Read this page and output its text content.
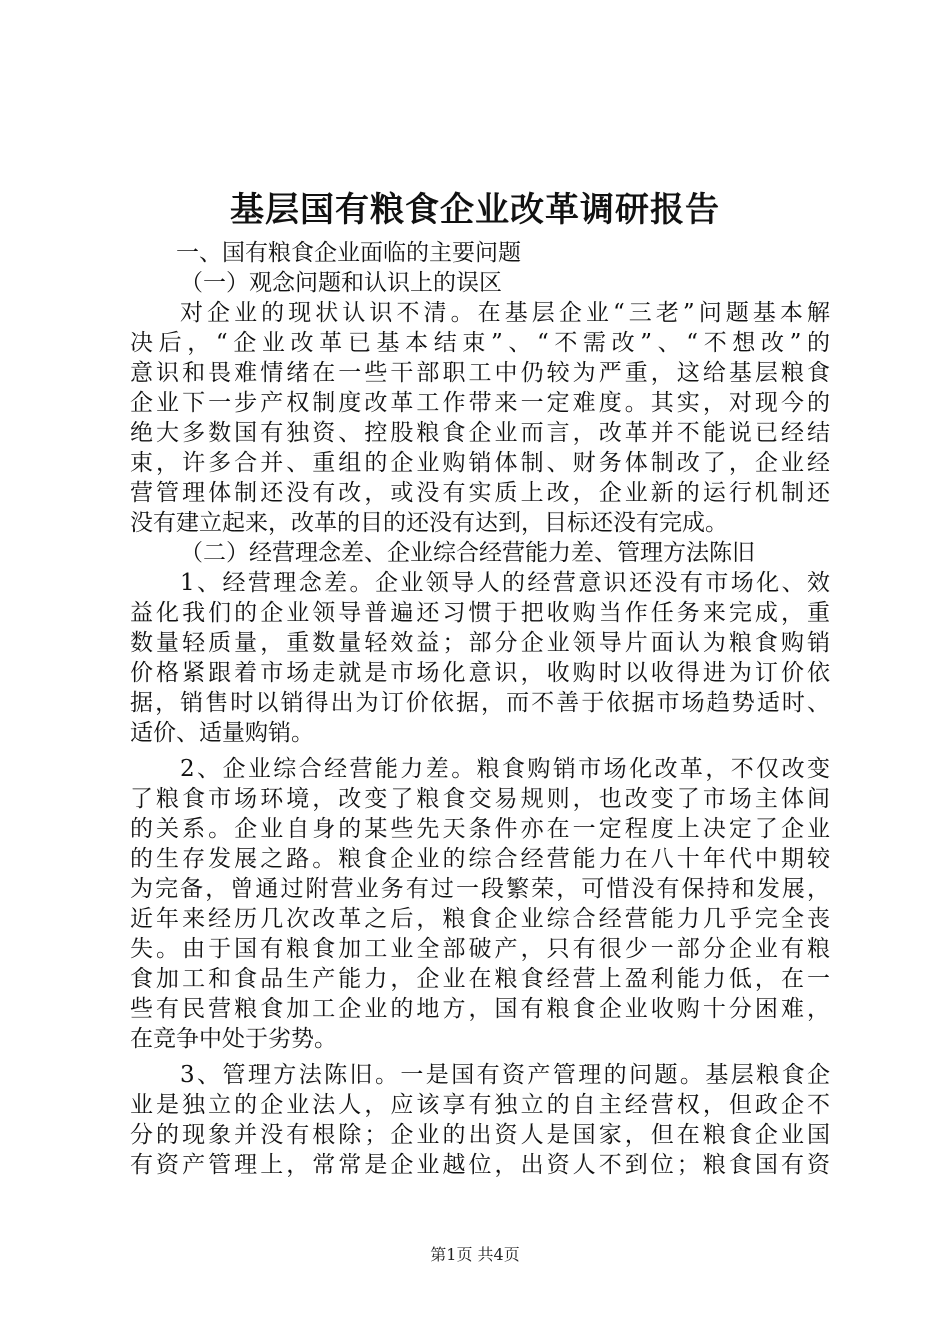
基层国有粮食企业改革调研报告
一、国有粮食企业面临的主要问题
（一）观念问题和认识上的误区
对企业的现状认识不清。在基层企业“三老”问题基本解
决后，“企业改革已基本结束”、“不需改”、“不想改”的
意识和畏难情绪在一些干部职工中仍较为严重，这给基层粮食
企业下一步产权制度改革工作带来一定难度。其实，对现今的
绝大多数国有独资、控股粮食企业而言，改革并不能说已经结
束，许多合并、重组的企业购销体制、财务体制改了，企业经
营管理体制还没有改，或没有实质上改，企业新的运行机制还
没有建立起来，改革的目的还没有达到，目标还没有完成。
（二）经营理念差、企业综合经营能力差、管理方法陈旧
1、经营理念差。企业领导人的经营意识还没有市场化、效
益化我们的企业领导普遍还习惯于把收购当作任务来完成，重
数量轻质量，重数量轻效益；部分企业领导片面认为粮食购销
价格紧跟着市场走就是市场化意识，收购时以收得进为订价依
据，销售时以销得出为订价依据，而不善于依据市场趋势适时、
适价、适量购销。
2、企业综合经营能力差。粮食购销市场化改革，不仅改变
了粮食市场环境，改变了粮食交易规则，也改变了市场主体间
的关系。企业自身的某些先天条件亦在一定程度上决定了企业
的生存发展之路。粮食企业的综合经营能力在八十年代中期较
为完备，曾通过附营业务有过一段繁荣，可惜没有保持和发展，
近年来经历几次改革之后，粮食企业综合经营能力几乎完全丧
失。由于国有粮食加工业全部破产，只有很少一部分企业有粮
食加工和食品生产能力，企业在粮食经营上盈利能力低，在一
些有民营粮食加工企业的地方，国有粮食企业收购十分困难，
在竞争中处于劣势。
3、管理方法陈旧。一是国有资产管理的问题。基层粮食企
业是独立的企业法人，应该享有独立的自主经营权，但政企不
分的现象并没有根除；企业的出资人是国家，但在粮食企业国
有资产管理上，常常是企业越位，出资人不到位；粮食国有资
第1页 共4页
